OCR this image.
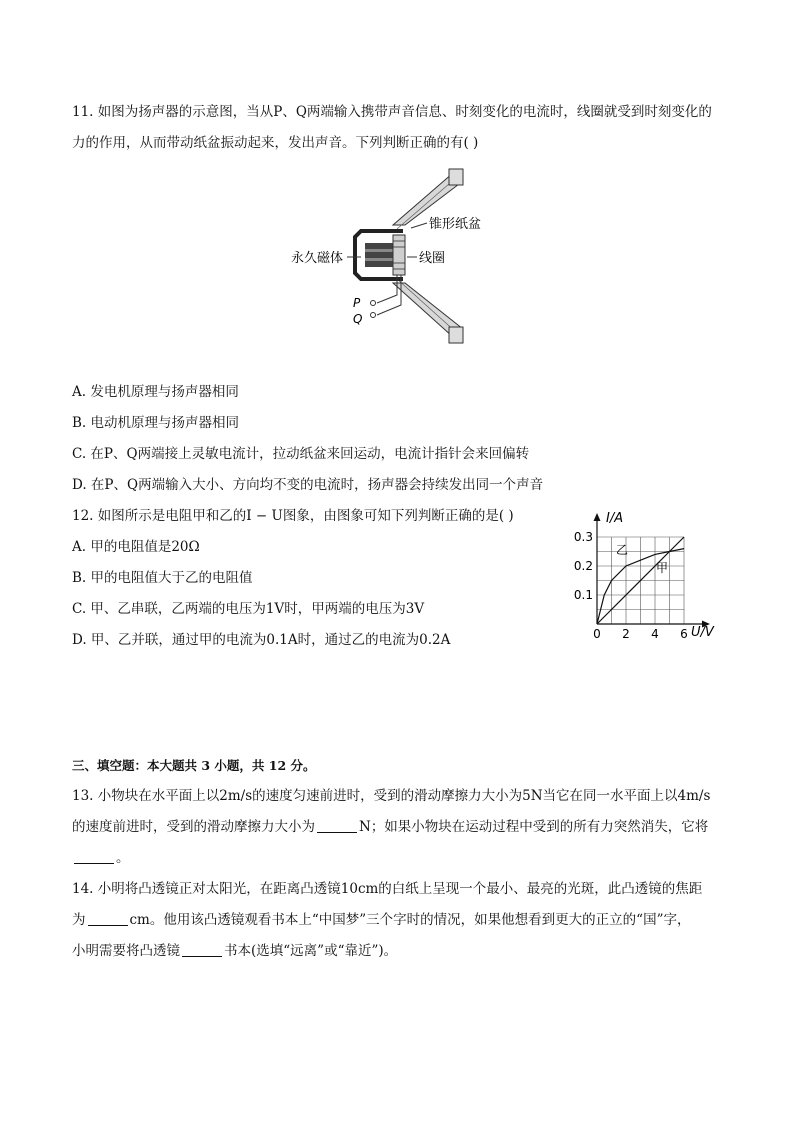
11. 如图为扬声器的示意图，当从P、Q两端输入携带声音信息、时刻变化的电流时，线圈就受到时刻变化的
力的作用，从而带动纸盆振动起来，发出声音。下列判断正确的有( )
锥形纸盆
永久磁体	线圈
P
Q
A. 发电机原理与扬声器相同
B. 电动机原理与扬声器相同
C. 在P、Q两端接上灵敏电流计，拉动纸盆来回运动，电流计指针会来回偏转
D. 在P、Q两端输入大小、方向均不变的电流时，扬声器会持续发出同一个声音
12. 如图所示是电阻甲和乙的I − U图象，由图象可知下列判断正确的是( )
A. 甲的电阻值是20Ω
B. 甲的电阻值大于乙的电阻值
C. 甲、乙串联，乙两端的电压为1V时，甲两端的电压为3V
D. 甲、乙并联，通过甲的电流为0.1A时，通过乙的电流为0.2A	0 2 4 6
0.1
0.2
0.3
I/A
U/V
甲
乙
三、填空题：本大题共 3 小题，共 12 分。
13. 小物块在水平面上以2m/s的速度匀速前进时，受到的滑动摩擦力大小为5N当它在同一水平面上以4m/s
的速度前进时，受到的滑动摩擦力大小为	N；如果小物块在运动过程中受到的所有力突然消失，它将
。
14. 小明将凸透镜正对太阳光，在距离凸透镜10cm的白纸上呈现一个最小、最亮的光斑，此凸透镜的焦距
为	cm。他用该凸透镜观看书本上“中国梦”三个字时的情况，如果他想看到更大的正立的“国”字，
小明需要将凸透镜	书本(选填“远离”或“靠近”)。
